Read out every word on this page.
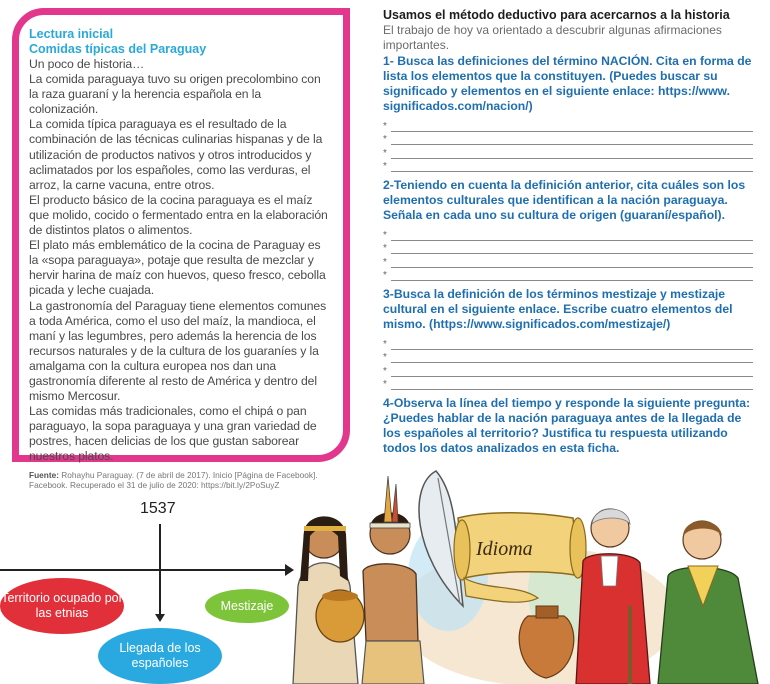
Lectura inicial
Comidas típicas del Paraguay

Un poco de historia…

La comida paraguaya tuvo su origen precolombino con la raza guaraní y la herencia española en la colonización.

La comida típica paraguaya es el resultado de la combinación de las técnicas culinarias hispanas y de la utilización de productos nativos y otros introducidos y aclimatados por los españoles, como las verduras, el arroz, la carne vacuna, entre otros.

El producto básico de la cocina paraguaya es el maíz que molido, cocido o fermentado entra en la elaboración de distintos platos o alimentos.

El plato más emblemático de la cocina de Paraguay es la «sopa paraguaya», potaje que resulta de mezclar y hervir harina de maíz con huevos, queso fresco, cebolla picada y leche cuajada.

La gastronomía del Paraguay tiene elementos comunes a toda América, como el uso del maíz, la mandioca, el maní y las legumbres, pero además la herencia de los recursos naturales y de la cultura de los guaraníes y la amalgama con la cultura europea nos dan una gastronomía diferente al resto de América y dentro del mismo Mercosur.

Las comidas más tradicionales, como el chipá o pan paraguayo, la sopa paraguaya y una gran variedad de postres, hacen delicias de los que gustan saborear nuestros platos.

Fuente: Rohayhu Paraguay. (7 de abril de 2017). Inicio [Página de Facebook]. Facebook. Recuperado el 31 de julio de 2020: https://bit.ly/2PoSuyZ
Usamos el método deductivo para acercarnos a la historia
El trabajo de hoy va orientado a descubrir algunas afirmaciones importantes.
1- Busca las definiciones del término NACIÓN. Cita en forma de lista los elementos que la constituyen. (Puedes buscar su significado y elementos en el siguiente enlace: https://www. significados.com/nacion/)
*
*
*
*
2-Teniendo en cuenta la definición anterior, cita cuáles son los elementos culturales que identifican a la nación paraguaya. Señala en cada uno su cultura de origen (guaraní/español).
*
*
*
*
3-Busca la definición de los términos mestizaje y mestizaje cultural en el siguiente enlace. Escribe cuatro elementos del mismo. (https://www.significados.com/mestizaje/)
*
*
*
*
4-Observa la línea del tiempo y responde la siguiente pregunta: ¿Puedes hablar de la nación paraguaya antes de la llegada de los españoles al territorio? Justifica tu respuesta utilizando todos los datos analizados en esta ficha.
1537
Territorio ocupado por las etnias
Mestizaje
Llegada de los españoles
Idioma
